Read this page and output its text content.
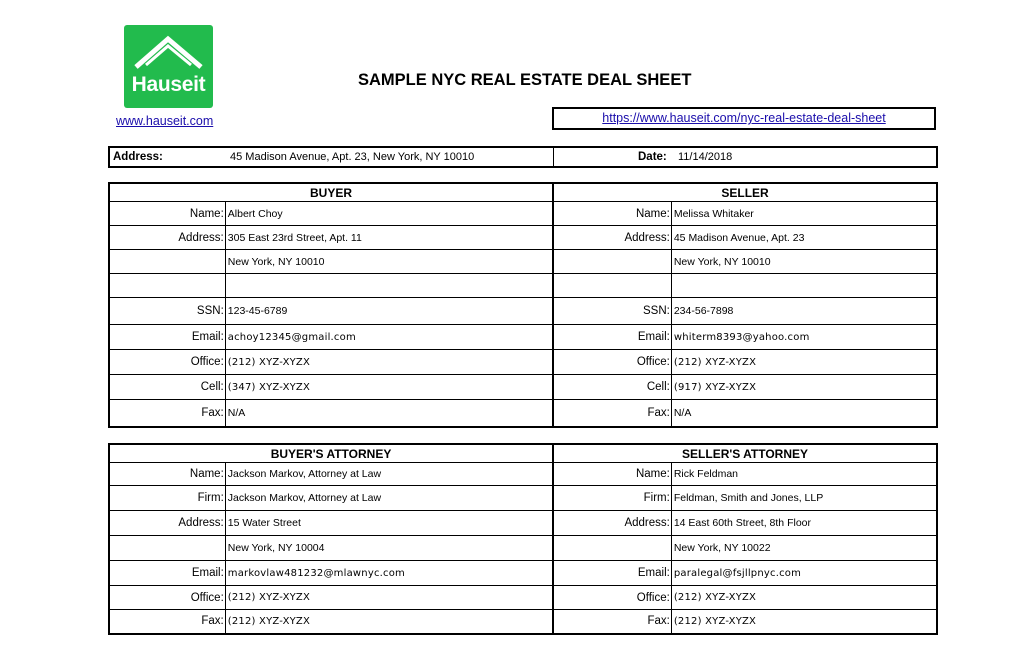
Hauseit
www.hauseit.com
SAMPLE NYC REAL ESTATE DEAL SHEET
https://www.hauseit.com/nyc-real-estate-deal-sheet
Address:	45 Madison Avenue, Apt. 23, New York, NY 10010	Date: 11/14/2018
BUYER		SELLER	
Name:	Albert Choy	Name:	Melissa Whitaker
Address:	305 East 23rd Street, Apt. 11	Address:	45 Madison Avenue, Apt. 23
	New York, NY 10010		New York, NY 10010

SSN:	123-45-6789	SSN:	234-56-7898
Email:	achoy12345@gmail.com	Email:	whiterm8393@yahoo.com
Office:	(212) XYZ-XYZX	Office:	(212) XYZ-XYZX
Cell:	(347) XYZ-XYZX	Cell:	(917) XYZ-XYZX
Fax:	N/A	Fax:	N/A
BUYER'S ATTORNEY		SELLER'S ATTORNEY	
Name:	Jackson Markov, Attorney at Law	Name:	Rick Feldman
Firm:	Jackson Markov, Attorney at Law	Firm:	Feldman, Smith and Jones, LLP
Address:	15 Water Street	Address:	14 East 60th Street, 8th Floor
	New York, NY 10004		New York, NY 10022
Email:	markovlaw481232@mlawnyc.com	Email:	paralegal@fsjllpnyc.com
Office:	(212) XYZ-XYZX	Office:	(212) XYZ-XYZX
Fax:	(212) XYZ-XYZX	Fax:	(212) XYZ-XYZX
